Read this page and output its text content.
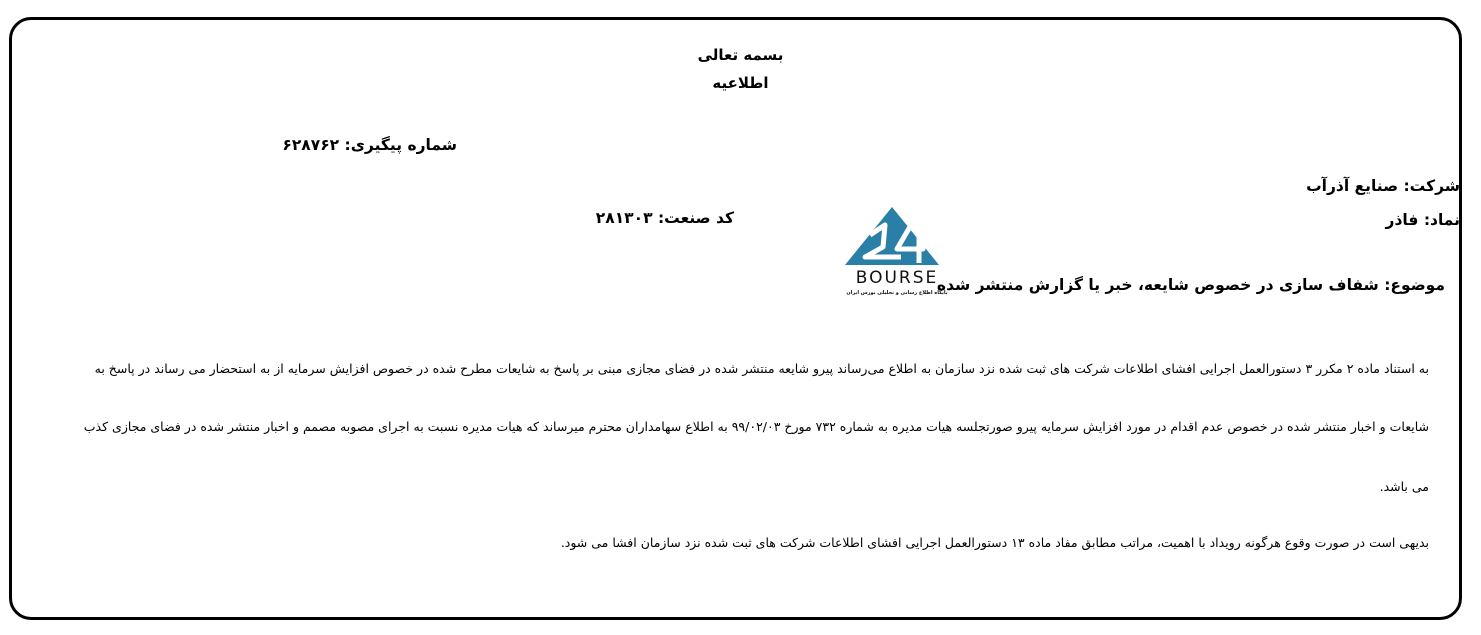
بسمه تعالی
اطلاعیه
شماره پیگیری: ۶۲۸۷۶۲
شرکت: صنایع آذرآب
نماد: فاذر
کد صنعت: ۲۸۱۳۰۳
موضوع: شفاف سازی در خصوص شایعه، خبر یا گزارش منتشر شده
BOURSE
پایگاه اطلاع رسانی و تحلیلی بورس ایران
به استناد ماده ۲ مکرر ۳ دستورالعمل اجرایی افشای اطلاعات شرکت های ثبت شده نزد سازمان به اطلاع می‌رساند پیرو شایعه منتشر شده در فضای مجازی مبنی بر پاسخ به شایعات مطرح شده در خصوص افزایش سرمایه از به استحضار می رساند در پاسخ به
شایعات و اخبار منتشر شده در خصوص عدم اقدام در مورد افزایش سرمایه پیرو صورتجلسه هیات مدیره به شماره ۷۳۲ مورخ ۹۹/۰۲/۰۳ به اطلاع سهامداران محترم میرساند که هیات مدیره نسبت به اجرای مصوبه مصمم و اخبار منتشر شده در فضای مجازی کذب
می باشد.
بدیهی است در صورت وقوع هرگونه رویداد با اهمیت، مراتب مطابق مفاد ماده ۱۳ دستورالعمل اجرایی افشای اطلاعات شرکت های ثبت شده نزد سازمان افشا می شود.
